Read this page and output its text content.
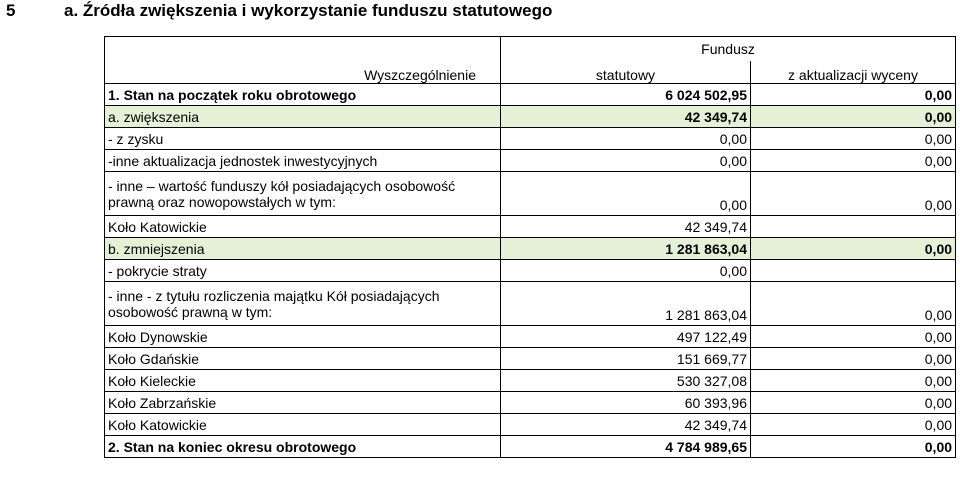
5	a. Źródła zwiększenia i wykorzystanie funduszu statutowego
	Fundusz	
Wyszczególnienie	statutowy	z aktualizacji wyceny
1. Stan na początek roku obrotowego	6 024 502,95	0,00
a. zwiększenia	42 349,74	0,00
- z zysku	0,00	0,00
-inne aktualizacja jednostek inwestycyjnych	0,00	0,00

- inne – wartość funduszy kół posiadających osobowość
prawną oraz nowopowstałych w tym:	0,00	0,00
Koło Katowickie	42 349,74	
b. zmniejszenia	1 281 863,04	0,00
- pokrycie straty	0,00	

- inne - z tytułu rozliczenia majątku Kół posiadających
osobowość prawną w tym:	1 281 863,04	0,00
Koło Dynowskie	497 122,49	0,00
Koło Gdańskie	151 669,77	0,00
Koło Kieleckie	530 327,08	0,00
Koło Zabrzańskie	60 393,96	0,00
Koło Katowickie	42 349,74	0,00
2. Stan na koniec okresu obrotowego	4 784 989,65	0,00
